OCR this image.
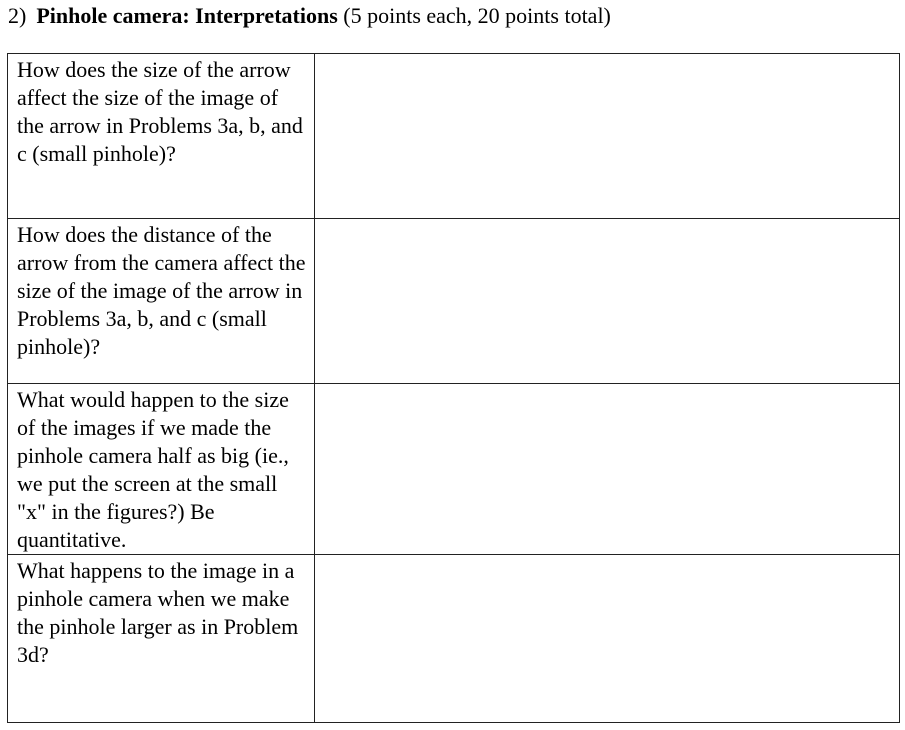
2) Pinhole camera: Interpretations (5 points each, 20 points total)
How does the size of the arrow affect the size of the image of the arrow in Problems 3a, b, and c (small pinhole)?	
How does the distance of the arrow from the camera affect the size of the image of the arrow in Problems 3a, b, and c (small pinhole)?	
What would happen to the size of the images if we made the pinhole camera half as big (ie., we put the screen at the small "x" in the figures?) Be quantitative.	
What happens to the image in a pinhole camera when we make the pinhole larger as in Problem 3d?	
